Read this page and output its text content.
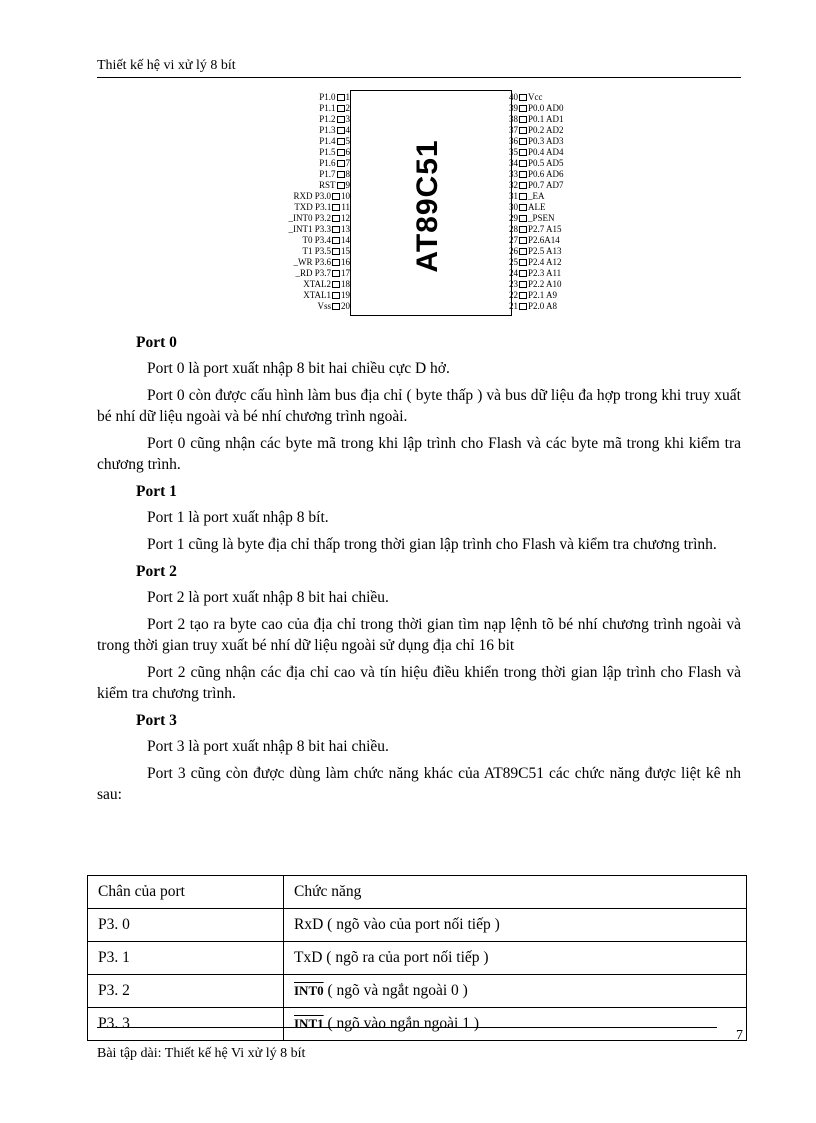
Thiết kế hệ vi xử lý 8 bít
AT89C51
P1.0 1
P1.1 2
P1.2 3
P1.3 4
P1.4 5
P1.5 6
P1.6 7
P1.7 8
RST 9
RXD P3.0 10
TXD P3.1 11
_INT0 P3.2 12
_INT1 P3.3 13
T0 P3.4 14
T1 P3.5 15
_WR P3.6 16
_RD P3.7 17
XTAL2 18
XTAL1 19
Vss 20
40 Vcc
39 P0.0 AD0
38 P0.1 AD1
37 P0.2 AD2
36 P0.3 AD3
35 P0.4 AD4
34 P0.5 AD5
33 P0.6 AD6
32 P0.7 AD7
31 _EA
30 ALE
29 _PSEN
28 P2.7 A15
27 P2.6A14
26 P2.5 A13
25 P2.4 A12
24 P2.3 A11
23 P2.2 A10
22 P2.1 A9
21 P2.0 A8
Port 0

Port 0 là port xuất nhập 8 bit hai chiều cực D hở.

Port 0 còn được cấu hình làm bus địa chỉ ( byte thấp ) và bus dữ liệu đa hợp trong khi truy xuất bé nhí dữ liệu ngoài và bé nhí chương trình ngoài.

Port 0 cũng nhận các byte mã trong khi lập trình cho Flash và các byte mã trong khi kiểm tra chương trình.

Port 1

Port 1 là port xuất nhập 8 bít.

Port 1 cũng là byte địa chỉ thấp trong thời gian lập trình cho Flash và kiểm tra chương trình.

Port 2

Port 2 là port xuất nhập 8 bit hai chiều.

Port 2 tạo ra byte cao của địa chỉ trong thời gian tìm nạp lệnh tõ bé nhí chương trình ngoài và trong thời gian truy xuất bé nhí dữ liệu ngoài sử dụng địa chỉ 16 bit

Port 2 cũng nhận các địa chỉ cao và tín hiệu điều khiển trong thời gian lập trình cho Flash và kiểm tra chương trình.

Port 3

Port 3 là port xuất nhập 8 bit hai chiều.

Port 3 cũng còn được dùng làm chức năng khác của AT89C51 các chức năng được liệt kê nh sau:

Chân của port	Chức năng
P3. 0	RxD ( ngõ vào của port nối tiếp )
P3. 1	TxD ( ngõ ra của port nối tiếp )
P3. 2	INT0 ( ngõ và ngắt ngoài 0 )
P3. 3	INT1 ( ngõ vào ngắn ngoài 1 )
7
Bài tập dài: Thiết kế hệ Vi xử lý 8 bít
